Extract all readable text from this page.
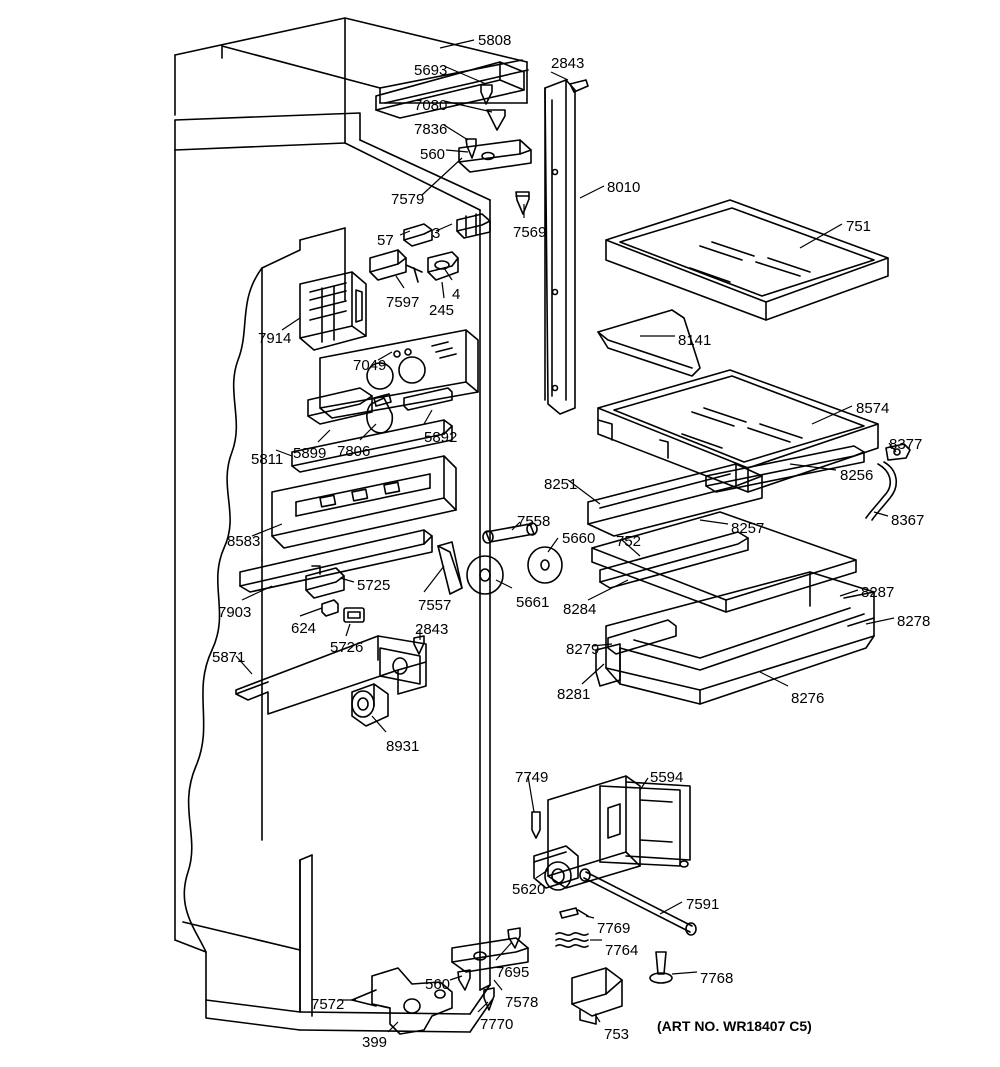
5808
5693	2843
7080
7836
560
8010
7579
7569	751
57	3
7597 245
4
7914	8141
7049
8574
5892	8377
5899 7806
5811
8256
8251
8367
8257
7558
5660 752
8583
5725
7557	5661 8284
8287
8278
7903
624
5726
2843
8279
5871
8281	8276
8931
7749	5594
5620
7591
7769
7764
7695	7768
560
7578
7572
7770
753
399
(ART NO. WR18407 C5)
